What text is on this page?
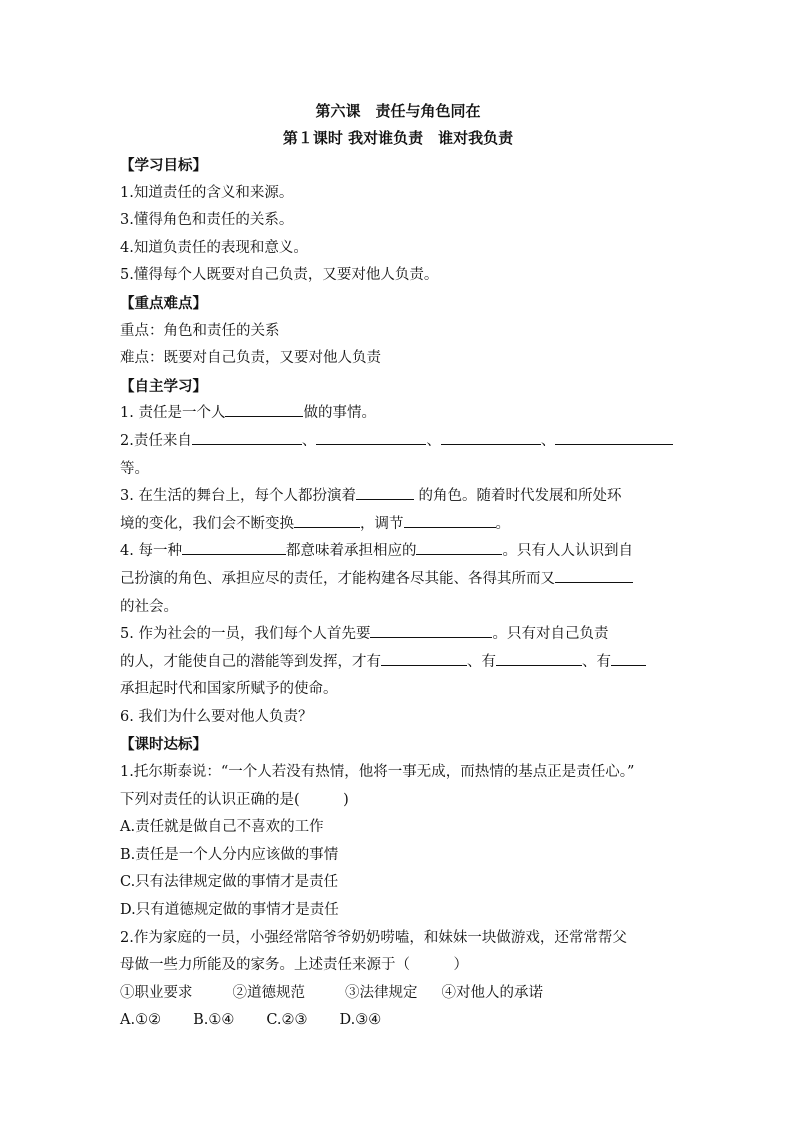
第六课　责任与角色同在
第１课时 我对谁负责　谁对我负责
【学习目标】
1.知道责任的含义和来源。
3.懂得角色和责任的关系。
4.知道负责任的表现和意义。
5.懂得每个人既要对自己负责，又要对他人负责。
【重点难点】
重点：角色和责任的关系
难点：既要对自己负责，又要对他人负责
【自主学习】
1. 责任是一个人	做的事情。
2.责任来自	、	、	、
等。
3. 在生活的舞台上，每个人都扮演着	的角色。随着时代发展和所处环
境的变化，我们会不断变换	，调节	。
4. 每一种	都意味着承担相应的	。只有人人认识到自
己扮演的角色、承担应尽的责任，才能构建各尽其能、各得其所而又
的社会。
5. 作为社会的一员，我们每个人首先要	。只有对自己负责
的人，才能使自己的潜能等到发挥，才有	、有	、有
承担起时代和国家所赋予的使命。
6. 我们为什么要对他人负责？
【课时达标】
1.托尔斯泰说：“一个人若没有热情，他将一事无成，而热情的基点正是责任心。”
下列对责任的认识正确的是(　　　)
A.责任就是做自己不喜欢的工作
B.责任是一个人分内应该做的事情
C.只有法律规定做的事情才是责任
D.只有道德规定做的事情才是责任
2.作为家庭的一员，小强经常陪爷爷奶奶唠嗑，和妹妹一块做游戏，还常常帮父
母做一些力所能及的家务。上述责任来源于（　　　）
①职业要求	②道德规范	③法律规定 ④对他人的承诺
A.①② B.①④ C.②③ D.③④
